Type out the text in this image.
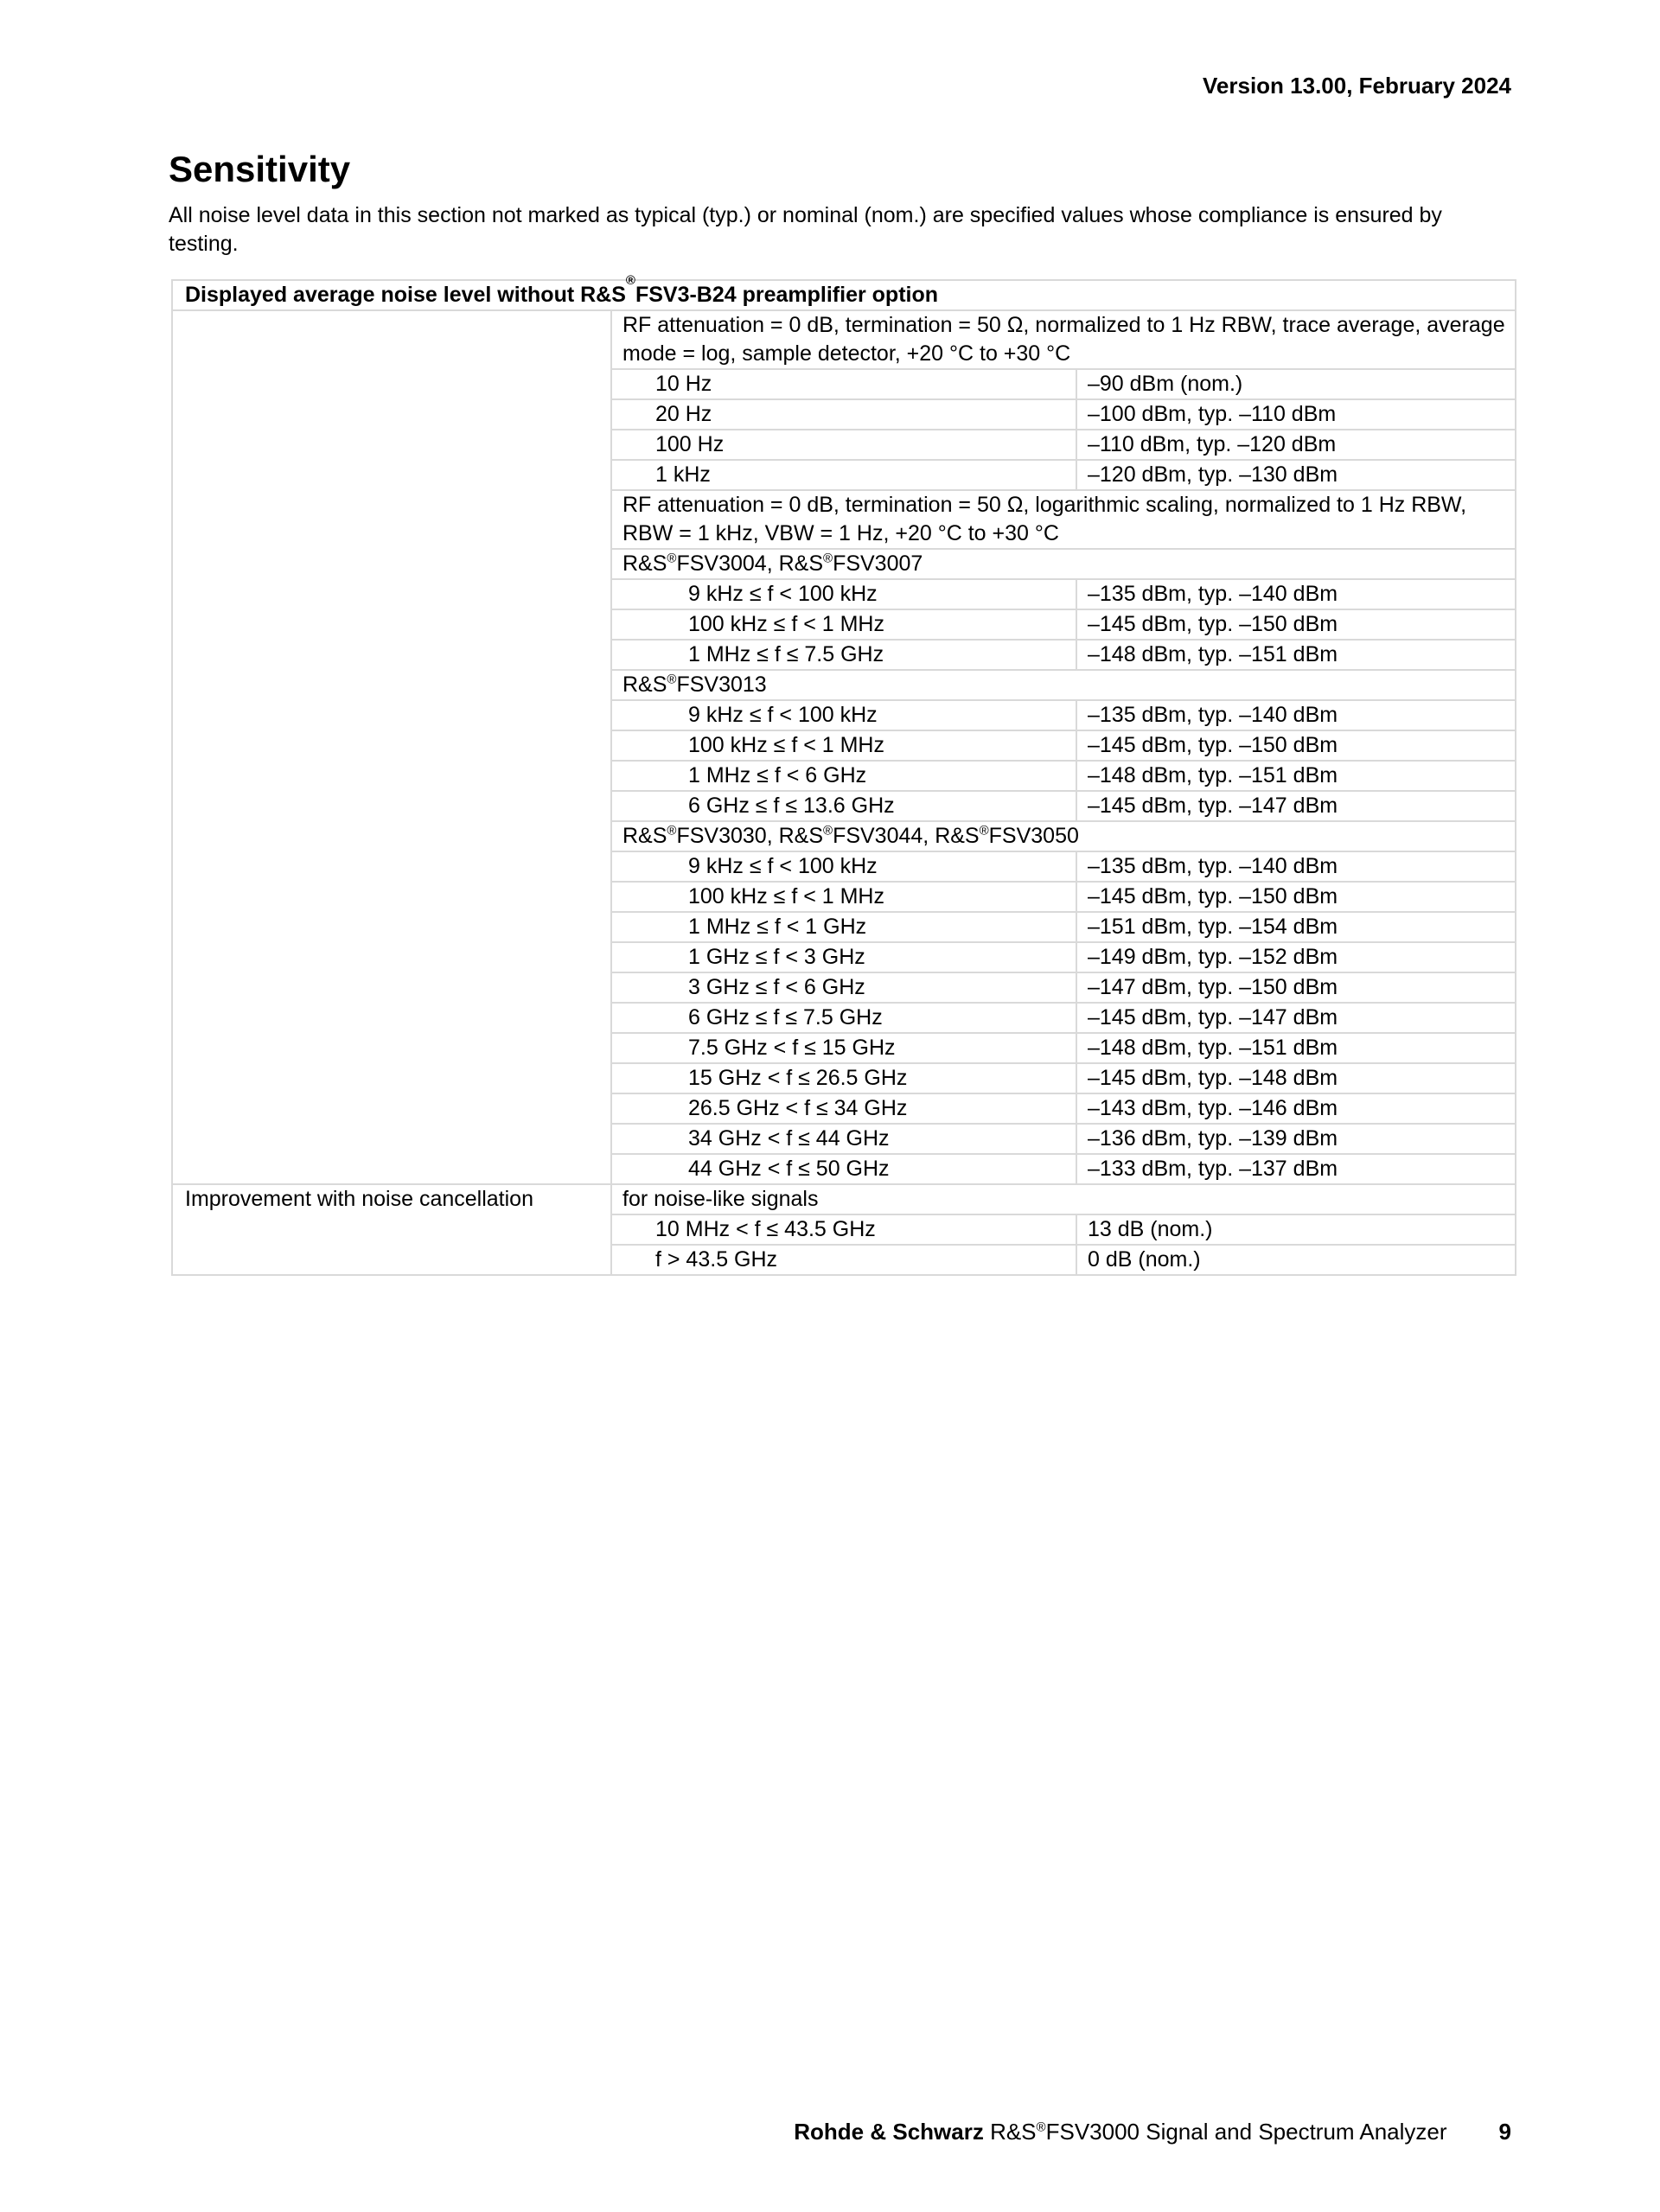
Version 13.00, February 2024
Sensitivity

All noise level data in this section not marked as typical (typ.) or nominal (nom.) are specified values whose compliance is ensured by testing.

Displayed average noise level without R&S
®
FSV3-B24 preamplifier option
RF attenuation = 0 dB, termination = 50 Ω, normalized to 1 Hz RBW, trace average, average mode = log, sample detector, +20 °C to +30 °C
10 Hz	–90 dBm (nom.)
20 Hz	–100 dBm, typ. –110 dBm
100 Hz	–110 dBm, typ. –120 dBm
1 kHz	–120 dBm, typ. –130 dBm
RF attenuation = 0 dB, termination = 50 Ω, logarithmic scaling, normalized to 1 Hz RBW, RBW = 1 kHz, VBW = 1 Hz, +20 °C to +30 °C
R&S®FSV3004, R&S®FSV3007
9 kHz ≤ f < 100 kHz	–135 dBm, typ. –140 dBm
100 kHz ≤ f < 1 MHz	–145 dBm, typ. –150 dBm
1 MHz ≤ f ≤ 7.5 GHz	–148 dBm, typ. –151 dBm
R&S®FSV3013
9 kHz ≤ f < 100 kHz	–135 dBm, typ. –140 dBm
100 kHz ≤ f < 1 MHz	–145 dBm, typ. –150 dBm
1 MHz ≤ f < 6 GHz	–148 dBm, typ. –151 dBm
6 GHz ≤ f ≤ 13.6 GHz	–145 dBm, typ. –147 dBm
R&S®FSV3030, R&S®FSV3044, R&S®FSV3050
9 kHz ≤ f < 100 kHz	–135 dBm, typ. –140 dBm
100 kHz ≤ f < 1 MHz	–145 dBm, typ. –150 dBm
1 MHz ≤ f < 1 GHz	–151 dBm, typ. –154 dBm
1 GHz ≤ f < 3 GHz	–149 dBm, typ. –152 dBm
3 GHz ≤ f < 6 GHz	–147 dBm, typ. –150 dBm
6 GHz ≤ f ≤ 7.5 GHz	–145 dBm, typ. –147 dBm
7.5 GHz < f ≤ 15 GHz	–148 dBm, typ. –151 dBm
15 GHz < f ≤ 26.5 GHz	–145 dBm, typ. –148 dBm
26.5 GHz < f ≤ 34 GHz	–143 dBm, typ. –146 dBm
34 GHz < f ≤ 44 GHz	–136 dBm, typ. –139 dBm
44 GHz < f ≤ 50 GHz	–133 dBm, typ. –137 dBm
Improvement with noise cancellation	for noise-like signals
10 MHz < f ≤ 43.5 GHz	13 dB (nom.)
f > 43.5 GHz	0 dB (nom.)
Rohde & Schwarz R&S®FSV3000 Signal and Spectrum Analyzer 9
